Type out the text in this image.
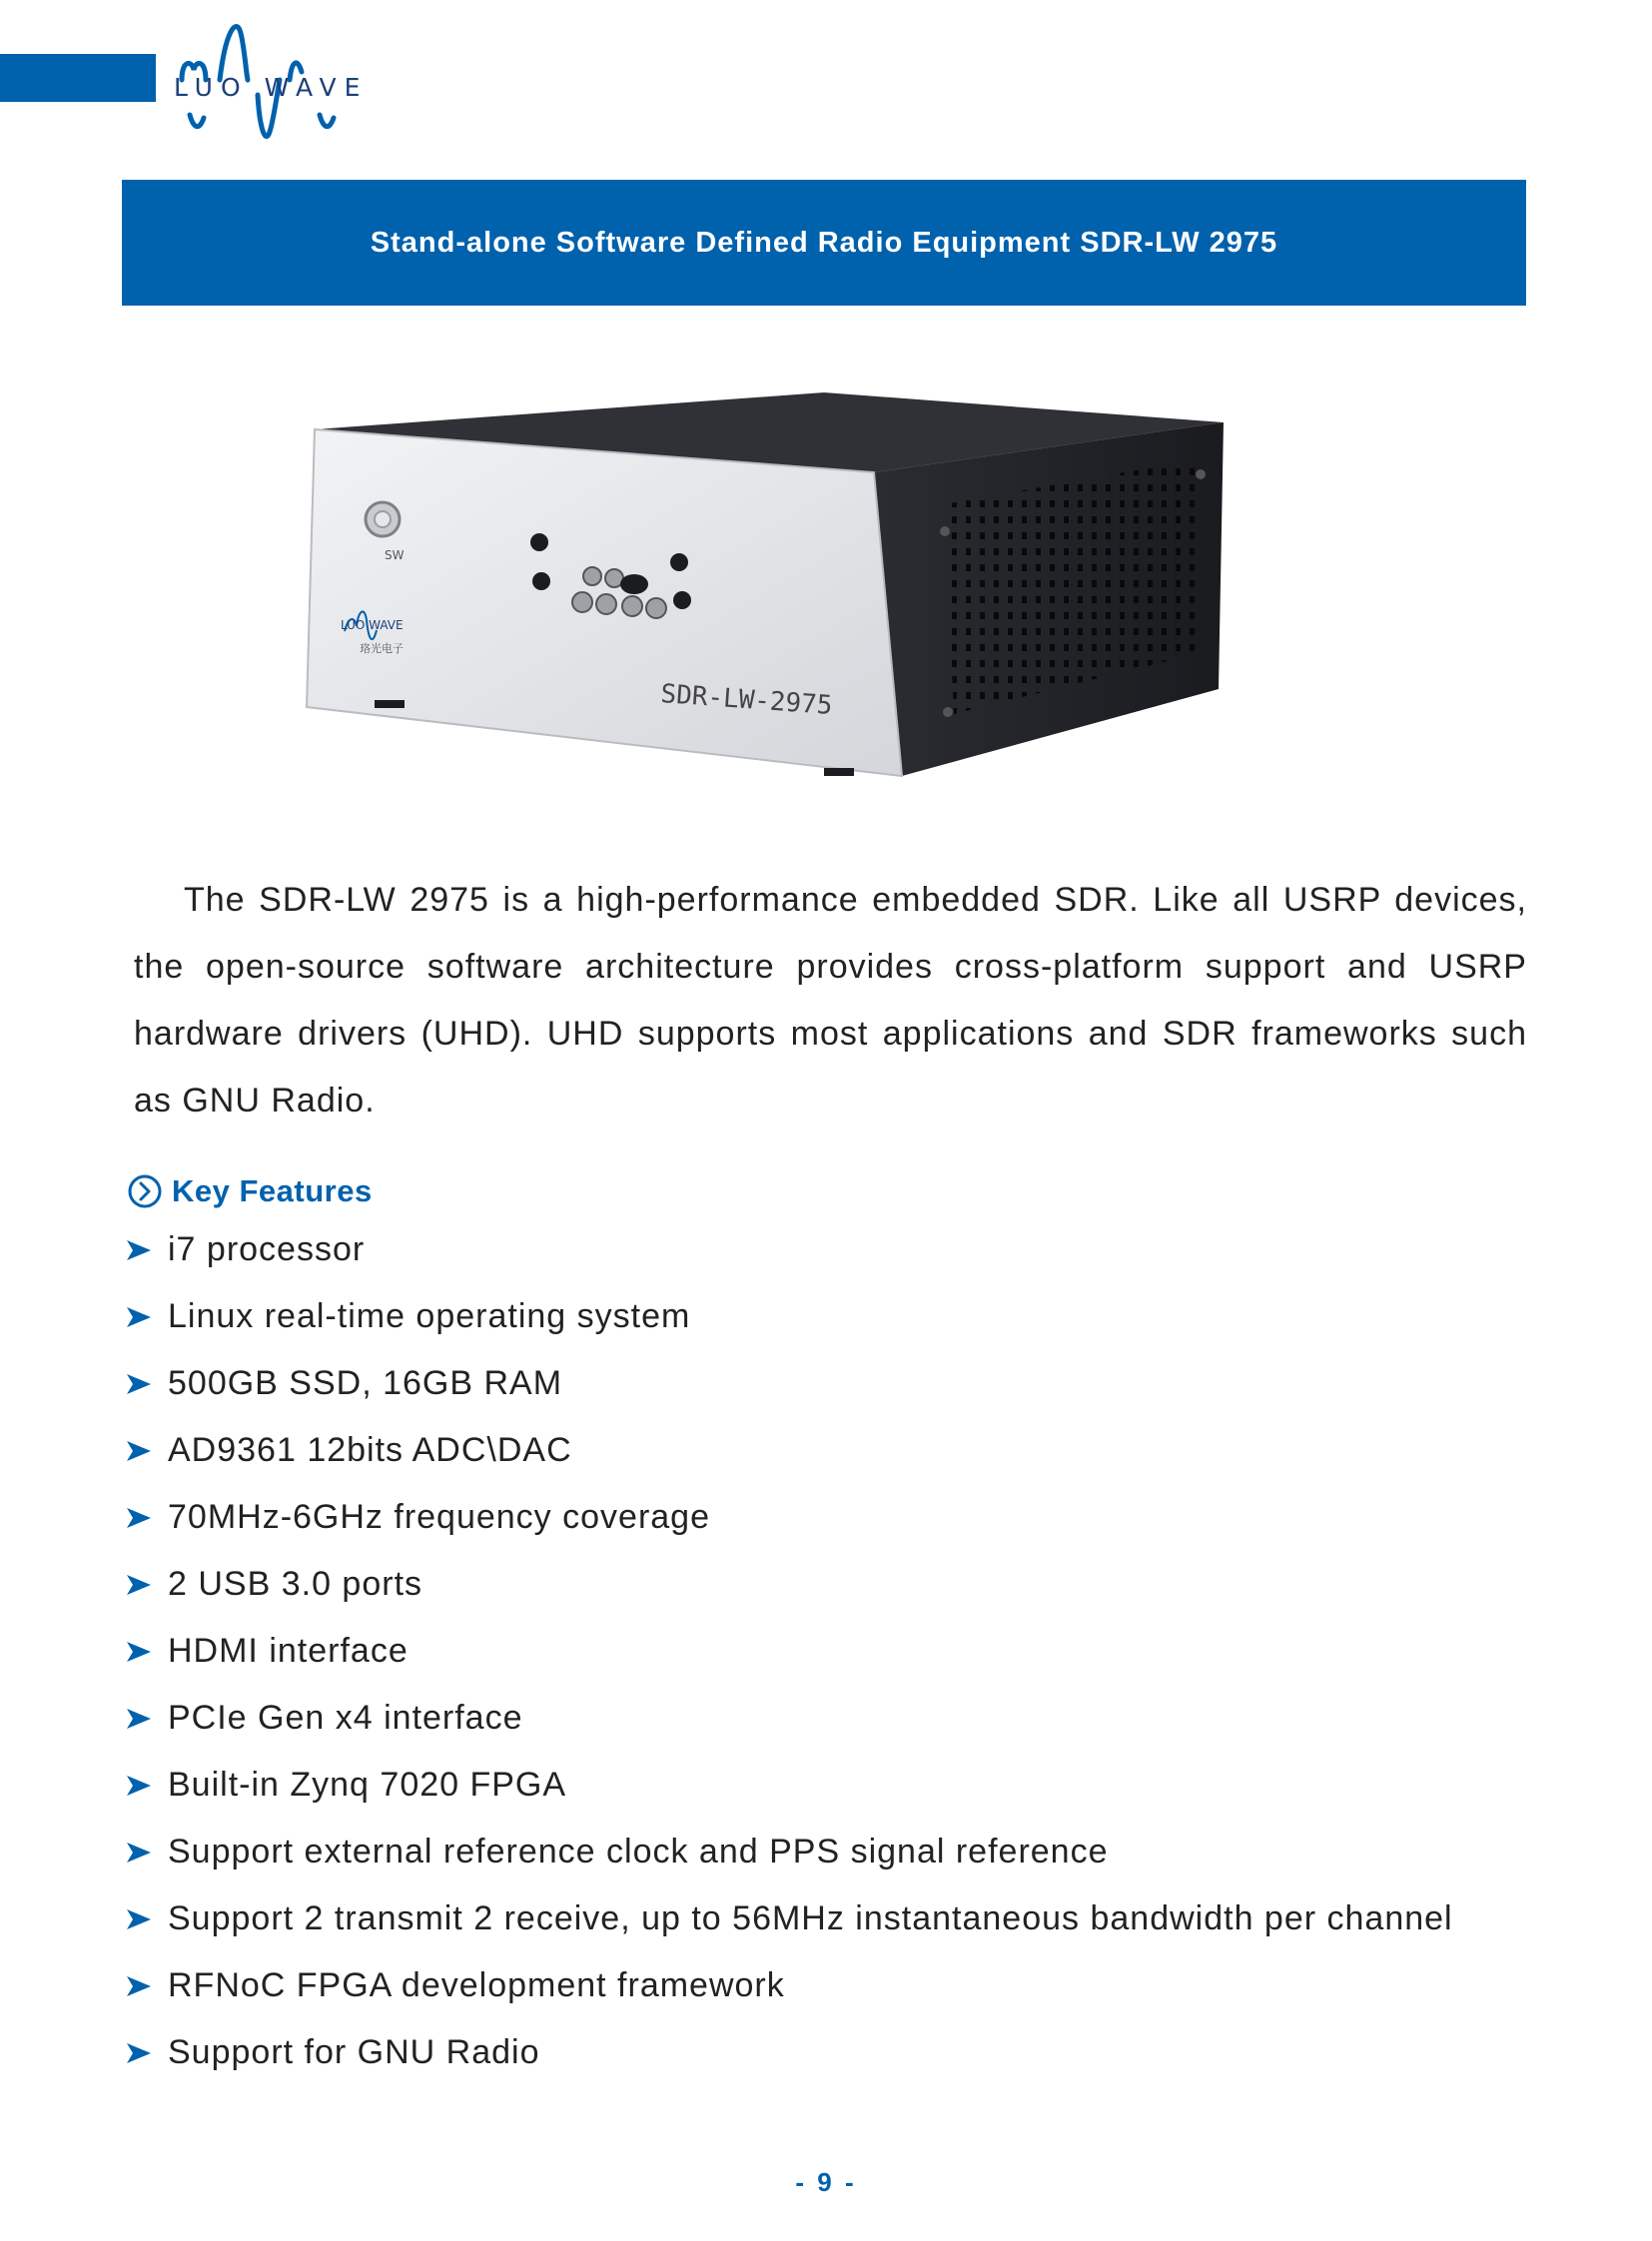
LUO WAVE
Stand-alone Software Defined Radio Equipment SDR-LW 2975
SW
LUO WAVE
珞光电子
SDR-LW-2975

The SDR-LW 2975 is a high-performance embedded SDR. Like all USRP devices, the open-source software architecture provides cross-platform support and USRP hardware drivers (UHD). UHD supports most applications and SDR frameworks such as GNU Radio.

Key Features
i7 processor
Linux real-time operating system
500GB SSD, 16GB RAM
AD9361 12bits ADC\DAC
70MHz-6GHz frequency coverage
2 USB 3.0 ports
HDMI interface
PCIe Gen x4 interface
Built-in Zynq 7020 FPGA
Support external reference clock and PPS signal reference
Support 2 transmit 2 receive, up to 56MHz instantaneous bandwidth per channel
RFNoC FPGA development framework
Support for GNU Radio
- 9 -
